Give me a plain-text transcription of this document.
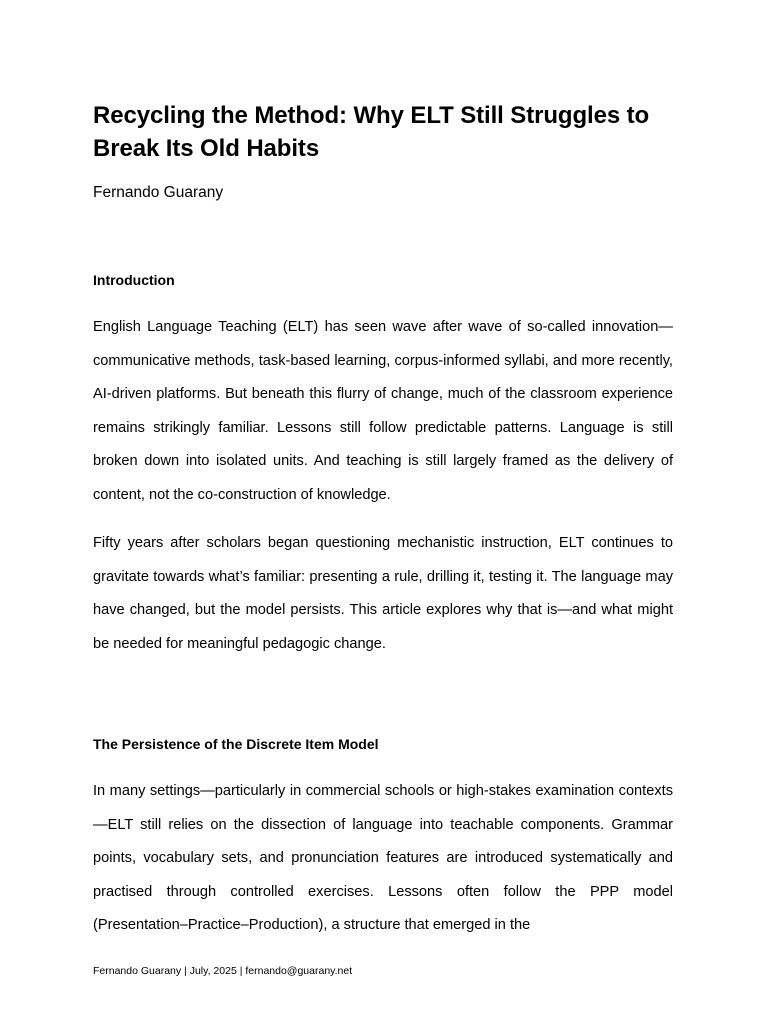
Recycling the Method: Why ELT Still Struggles to Break Its Old Habits

Fernando Guarany

Introduction

English Language Teaching (ELT) has seen wave after wave of so-called innovation—communicative methods, task-based learning, corpus-informed syllabi, and more recently, AI-driven platforms. But beneath this flurry of change, much of the classroom experience remains strikingly familiar. Lessons still follow predictable patterns. Language is still broken down into isolated units. And teaching is still largely framed as the delivery of content, not the co-construction of knowledge.

Fifty years after scholars began questioning mechanistic instruction, ELT continues to gravitate towards what’s familiar: presenting a rule, drilling it, testing it. The language may have changed, but the model persists. This article explores why that is—and what might be needed for meaningful pedagogic change.

The Persistence of the Discrete Item Model

In many settings—particularly in commercial schools or high-stakes examination contexts—ELT still relies on the dissection of language into teachable components. Grammar points, vocabulary sets, and pronunciation features are introduced systematically and practised through controlled exercises. Lessons often follow the PPP model (Presentation–Practice–Production), a structure that emerged in the

Fernando Guarany | July, 2025 | fernando@guarany.net
